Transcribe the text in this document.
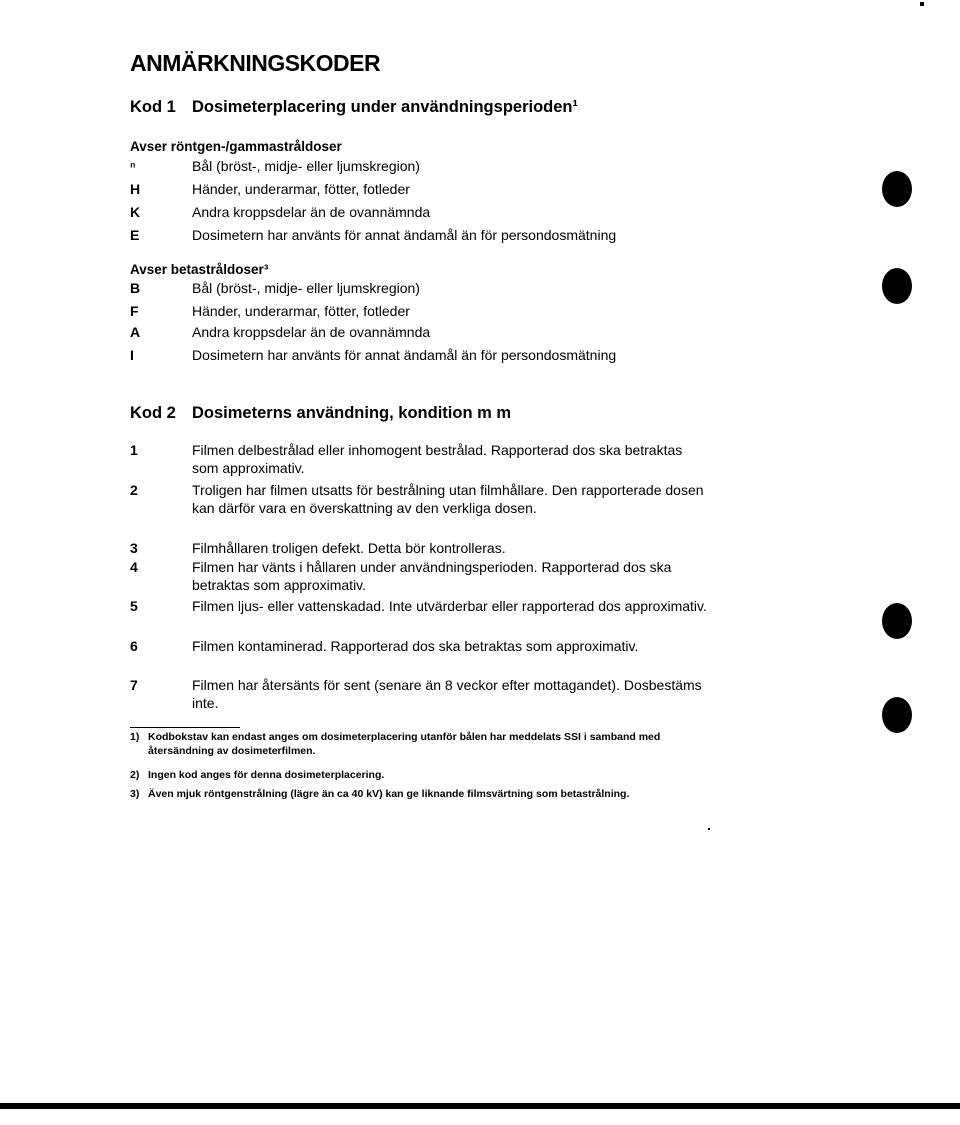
ANMÄRKNINGSKODER
Kod 1 Dosimeterplacering under användningsperioden¹
Avser röntgen-/gammastråldoser
ⁿ	Bål (bröst-, midje- eller ljumskregion)
H	Händer, underarmar, fötter, fotleder
K	Andra kroppsdelar än de ovannämnda
E	Dosimetern har använts för annat ändamål än för persondosmätning
Avser betastråldoser³
B	Bål (bröst-, midje- eller ljumskregion)
F	Händer, underarmar, fötter, fotleder
A	Andra kroppsdelar än de ovannämnda
I	Dosimetern har använts för annat ändamål än för persondosmätning
Kod 2 Dosimeterns användning, kondition m m
1	Filmen delbestrålad eller inhomogent bestrålad. Rapporterad dos ska betraktas som approximativ.
2	Troligen har filmen utsatts för bestrålning utan filmhållare. Den rapporterade dosen kan därför vara en överskattning av den verkliga dosen.
3	Filmhållaren troligen defekt. Detta bör kontrolleras.
4	Filmen har vänts i hållaren under användningsperioden. Rapporterad dos ska betraktas som approximativ.
5	Filmen ljus- eller vattenskadad. Inte utvärderbar eller rapporterad dos approximativ.
6	Filmen kontaminerad. Rapporterad dos ska betraktas som approximativ.
7	Filmen har återsänts för sent (senare än 8 veckor efter mottagandet). Dosbestäms inte.
1) Kodbokstav kan endast anges om dosimeterplacering utanför bålen har meddelats SSI i samband med återsändning av dosimeterfilmen.
2) Ingen kod anges för denna dosimeterplacering.
3) Även mjuk röntgenstrålning (lägre än ca 40 kV) kan ge liknande filmsvärtning som betastrålning.
